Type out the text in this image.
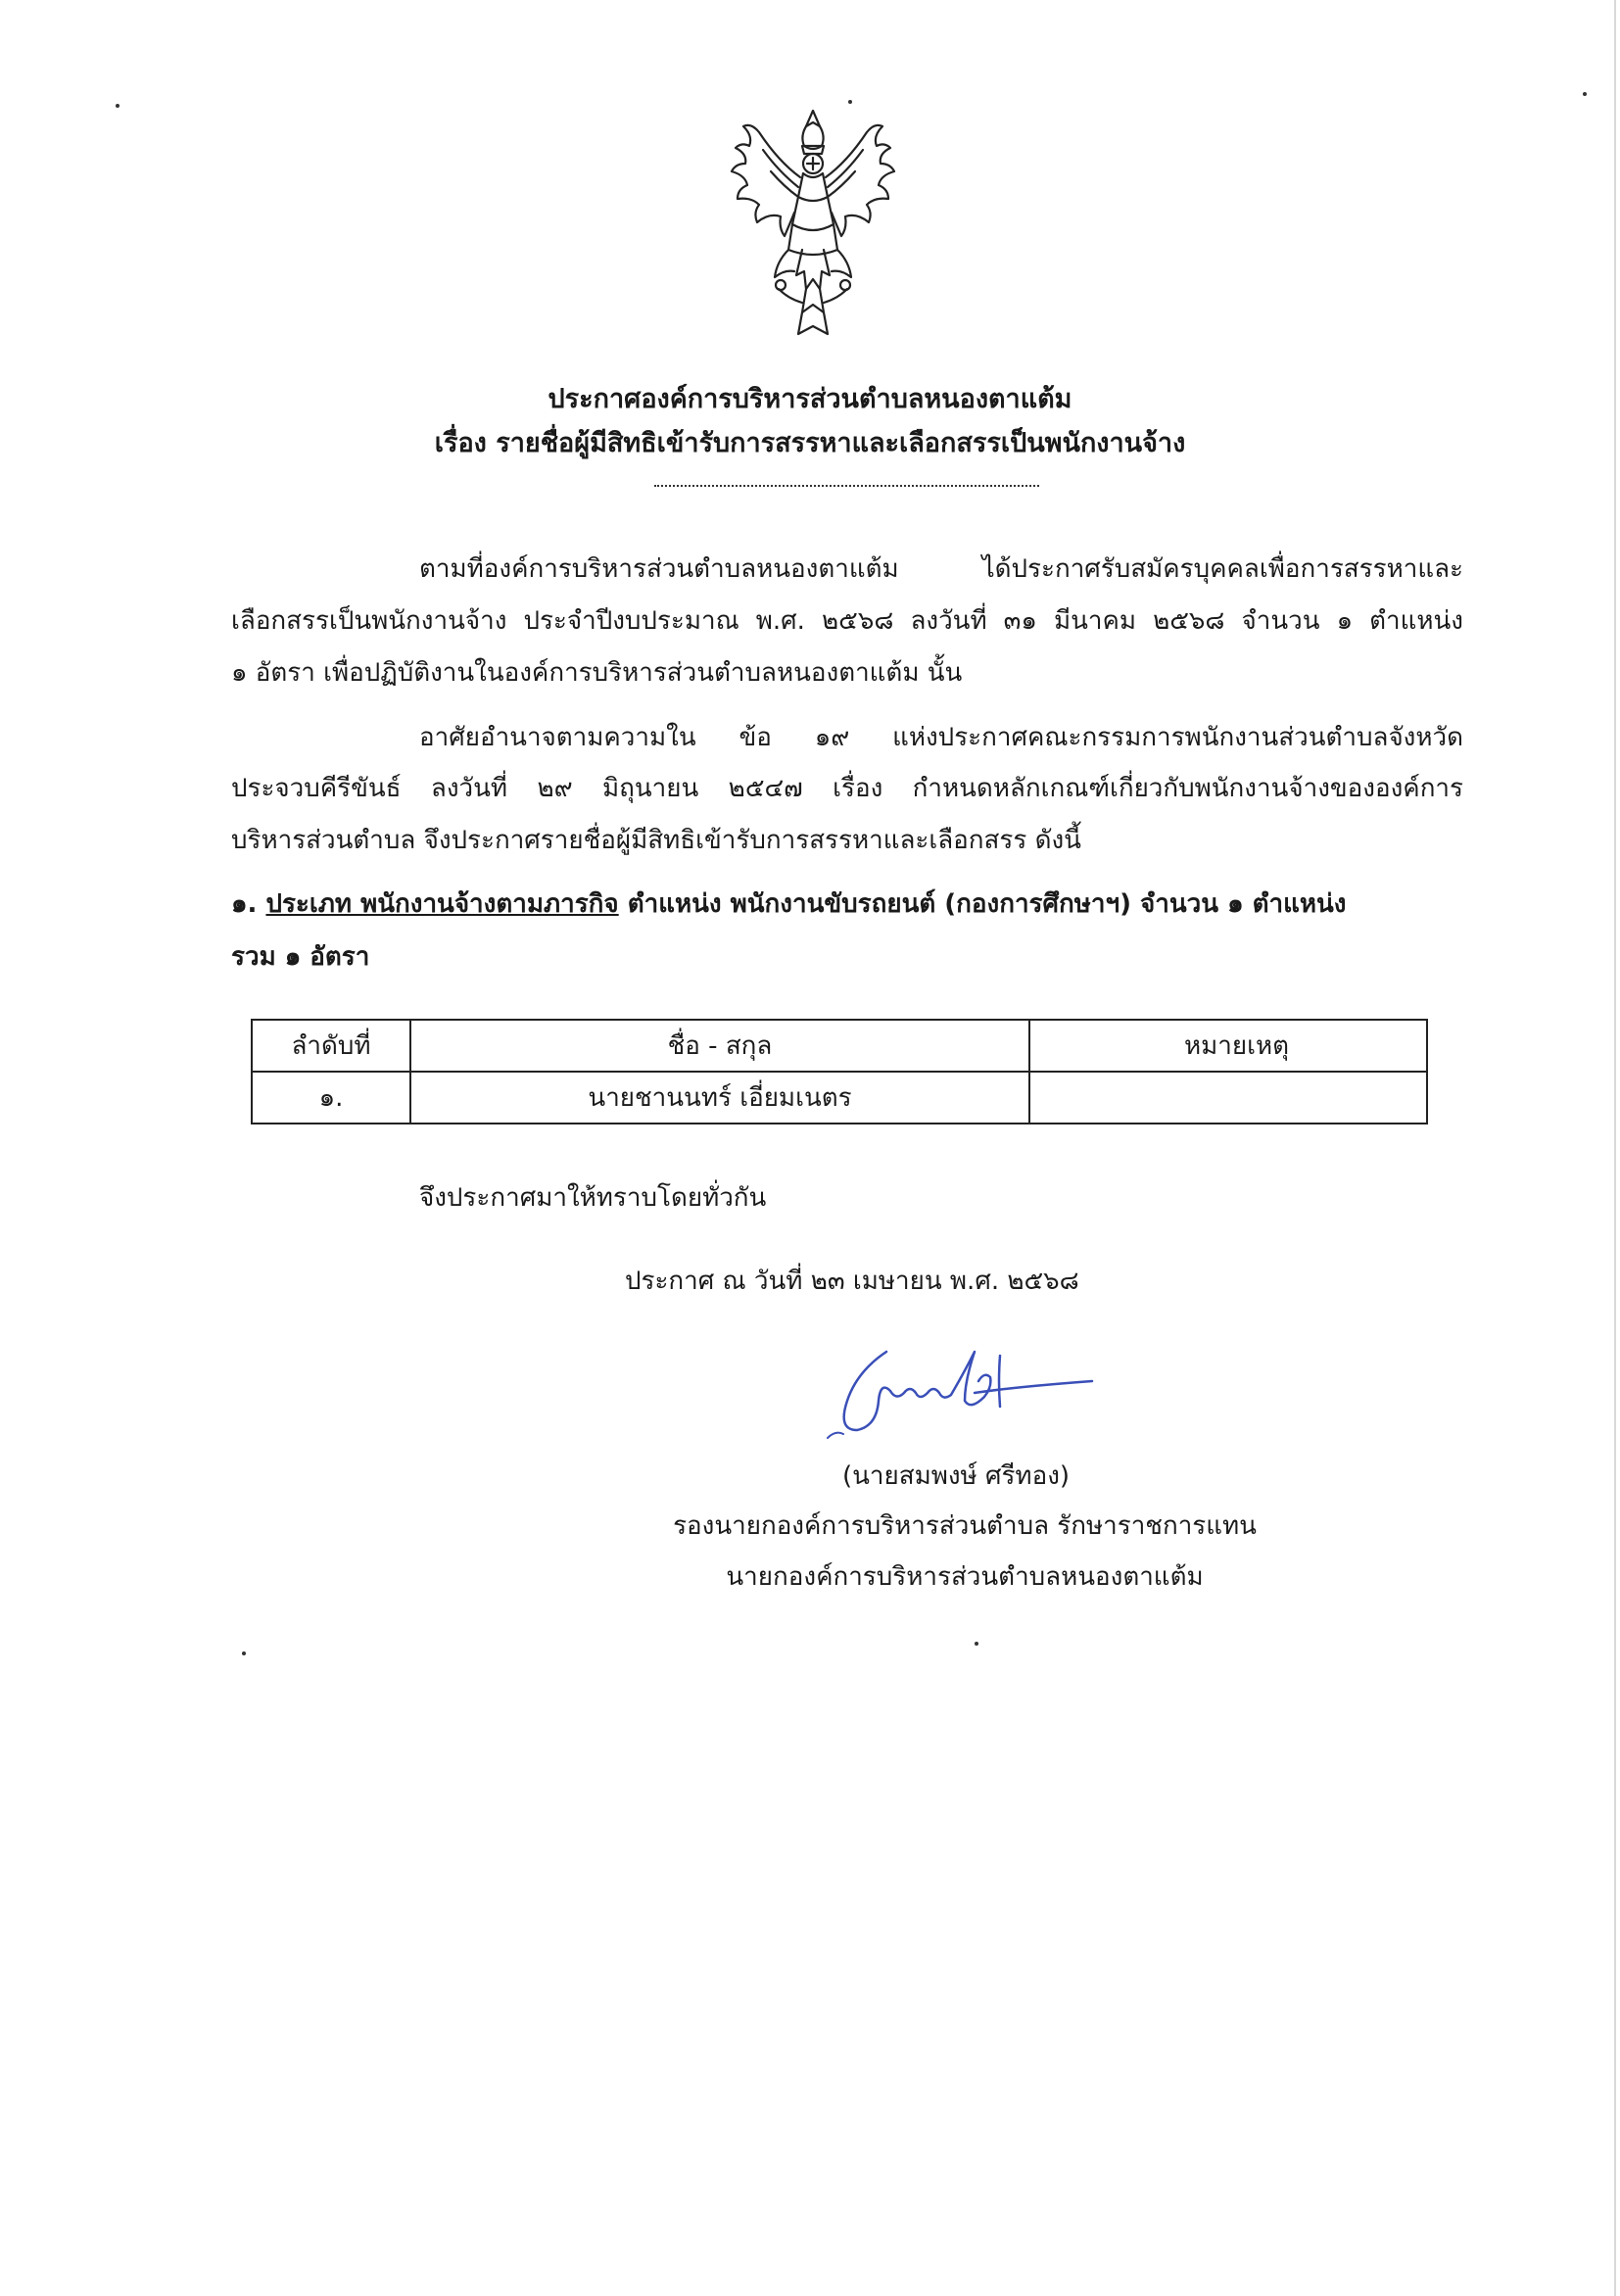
ประกาศองค์การบริหารส่วนตำบลหนองตาแต้ม
เรื่อง รายชื่อผู้มีสิทธิเข้ารับการสรรหาและเลือกสรรเป็นพนักงานจ้าง
ตามที่องค์การบริหารส่วนตำบลหนองตาแต้ม ได้ประกาศรับสมัครบุคคลเพื่อการสรรหาและ
เลือกสรรเป็นพนักงานจ้าง ประจำปีงบประมาณ พ.ศ. ๒๕๖๘ ลงวันที่ ๓๑ มีนาคม ๒๕๖๘ จำนวน ๑ ตำแหน่ง
๑ อัตรา เพื่อปฏิบัติงานในองค์การบริหารส่วนตำบลหนองตาแต้ม นั้น
อาศัยอำนาจตามความใน ข้อ ๑๙ แห่งประกาศคณะกรรมการพนักงานส่วนตำบลจังหวัด
ประจวบคีรีขันธ์ ลงวันที่ ๒๙ มิถุนายน ๒๕๔๗ เรื่อง กำหนดหลักเกณฑ์เกี่ยวกับพนักงานจ้างขององค์การ
บริหารส่วนตำบล จึงประกาศรายชื่อผู้มีสิทธิเข้ารับการสรรหาและเลือกสรร ดังนี้
๑. ประเภท พนักงานจ้างตามภารกิจ ตำแหน่ง พนักงานขับรถยนต์ (กองการศึกษาฯ) จำนวน ๑ ตำแหน่ง
รวม ๑ อัตรา
ลำดับที่	ชื่อ - สกุล	หมายเหตุ
๑.	นายชานนทร์ เอี่ยมเนตร	
จึงประกาศมาให้ทราบโดยทั่วกัน
ประกาศ ณ วันที่ ๒๓ เมษายน พ.ศ. ๒๕๖๘
(นายสมพงษ์ ศรีทอง)
รองนายกองค์การบริหารส่วนตำบล รักษาราชการแทน
นายกองค์การบริหารส่วนตำบลหนองตาแต้ม
